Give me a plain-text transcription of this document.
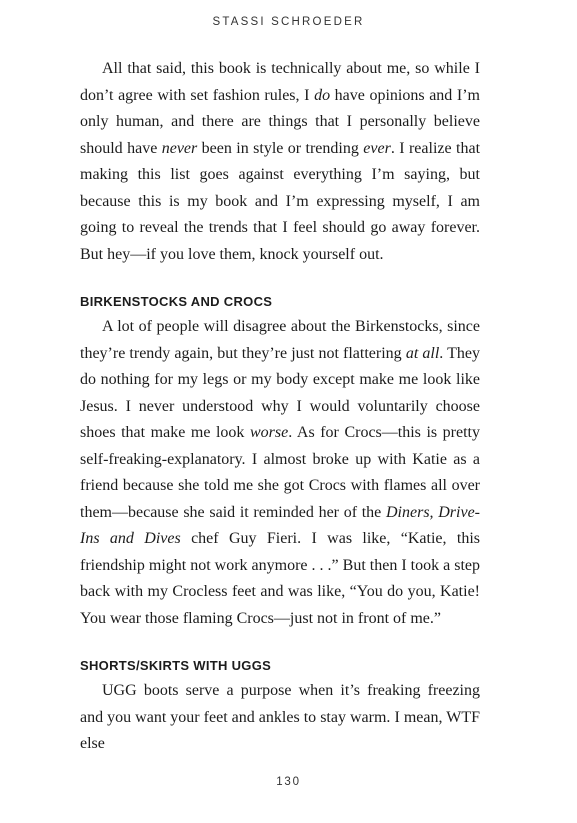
STASSI SCHROEDER

All that said, this book is technically about me, so while I don’t agree with set fashion rules, I do have opinions and I’m only human, and there are things that I personally believe should have never been in style or trending ever. I realize that making this list goes against everything I’m saying, but because this is my book and I’m expressing myself, I am going to reveal the trends that I feel should go away forever. But hey—if you love them, knock yourself out.

BIRKENSTOCKS AND CROCS

A lot of people will disagree about the Birkenstocks, since they’re trendy again, but they’re just not flattering at all. They do nothing for my legs or my body except make me look like Jesus. I never understood why I would voluntarily choose shoes that make me look worse. As for Crocs—this is pretty self-freaking-explanatory. I almost broke up with Katie as a friend because she told me she got Crocs with flames all over them—because she said it reminded her of the Diners, Drive-Ins and Dives chef Guy Fieri. I was like, “Katie, this friendship might not work anymore . . .” But then I took a step back with my Crocless feet and was like, “You do you, Katie! You wear those flaming Crocs—just not in front of me.”

SHORTS/SKIRTS WITH UGGS

UGG boots serve a purpose when it’s freaking freezing and you want your feet and ankles to stay warm. I mean, WTF else

130
